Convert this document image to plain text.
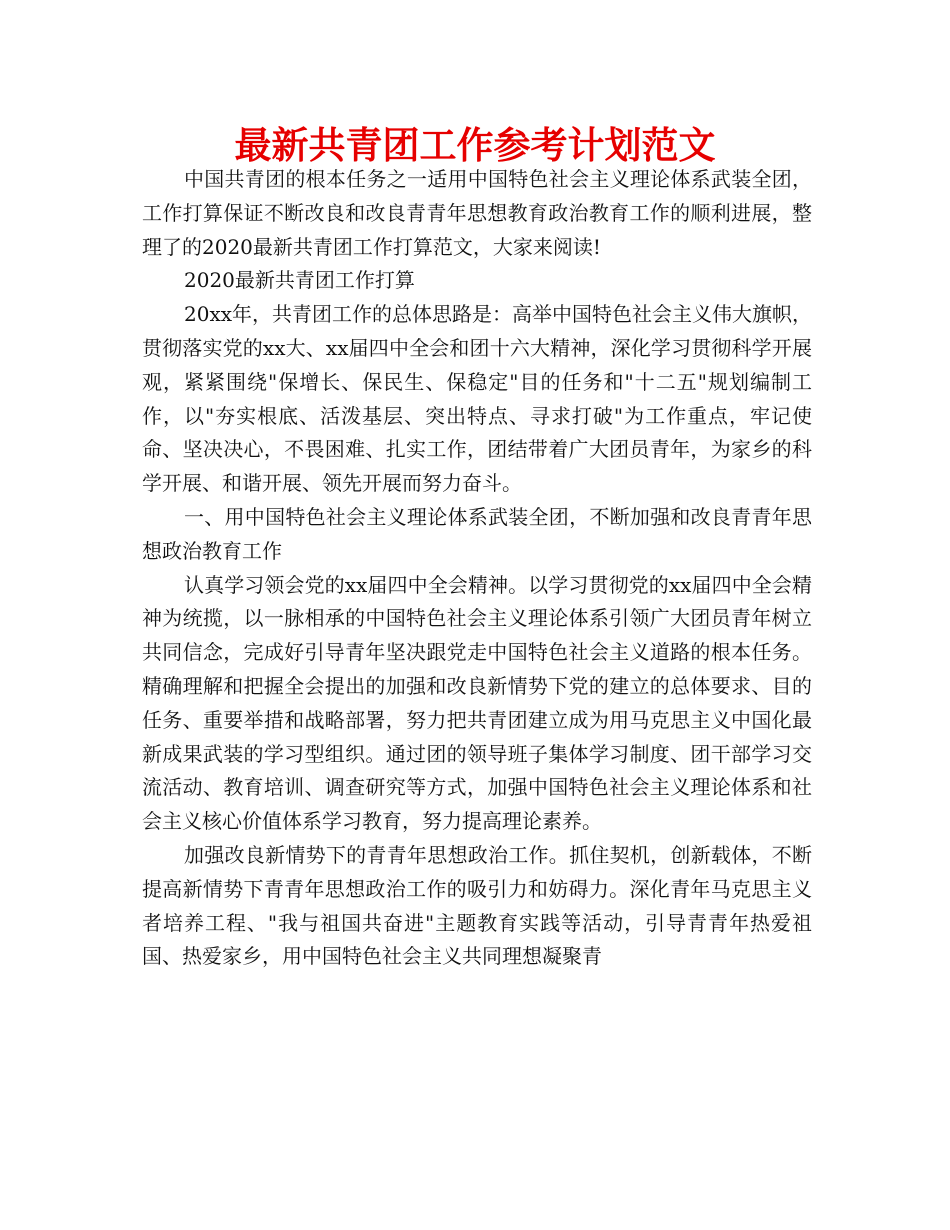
最新共青团工作参考计划范文

中国共青团的根本任务之一适用中国特色社会主义理论体系武装全团，工作打算保证不断改良和改良青青年思想教育政治教育工作的顺利进展，整理了的2020最新共青团工作打算范文，大家来阅读!

2020最新共青团工作打算

20xx年，共青团工作的总体思路是：高举中国特色社会主义伟大旗帜，贯彻落实党的xx大、xx届四中全会和团十六大精神，深化学习贯彻科学开展观，紧紧围绕"保增长、保民生、保稳定"目的任务和"十二五"规划编制工作，以"夯实根底、活泼基层、突出特点、寻求打破"为工作重点，牢记使命、坚决决心，不畏困难、扎实工作，团结带着广大团员青年，为家乡的科学开展、和谐开展、领先开展而努力奋斗。

一、用中国特色社会主义理论体系武装全团，不断加强和改良青青年思想政治教育工作

认真学习领会党的xx届四中全会精神。以学习贯彻党的xx届四中全会精神为统揽，以一脉相承的中国特色社会主义理论体系引领广大团员青年树立共同信念，完成好引导青年坚决跟党走中国特色社会主义道路的根本任务。精确理解和把握全会提出的加强和改良新情势下党的建立的总体要求、目的任务、重要举措和战略部署，努力把共青团建立成为用马克思主义中国化最新成果武装的学习型组织。通过团的领导班子集体学习制度、团干部学习交流活动、教育培训、调查研究等方式，加强中国特色社会主义理论体系和社会主义核心价值体系学习教育，努力提高理论素养。

加强改良新情势下的青青年思想政治工作。抓住契机，创新载体，不断提高新情势下青青年思想政治工作的吸引力和妨碍力。深化青年马克思主义者培养工程、"我与祖国共奋进"主题教育实践等活动，引导青青年热爱祖国、热爱家乡，用中国特色社会主义共同理想凝聚青
